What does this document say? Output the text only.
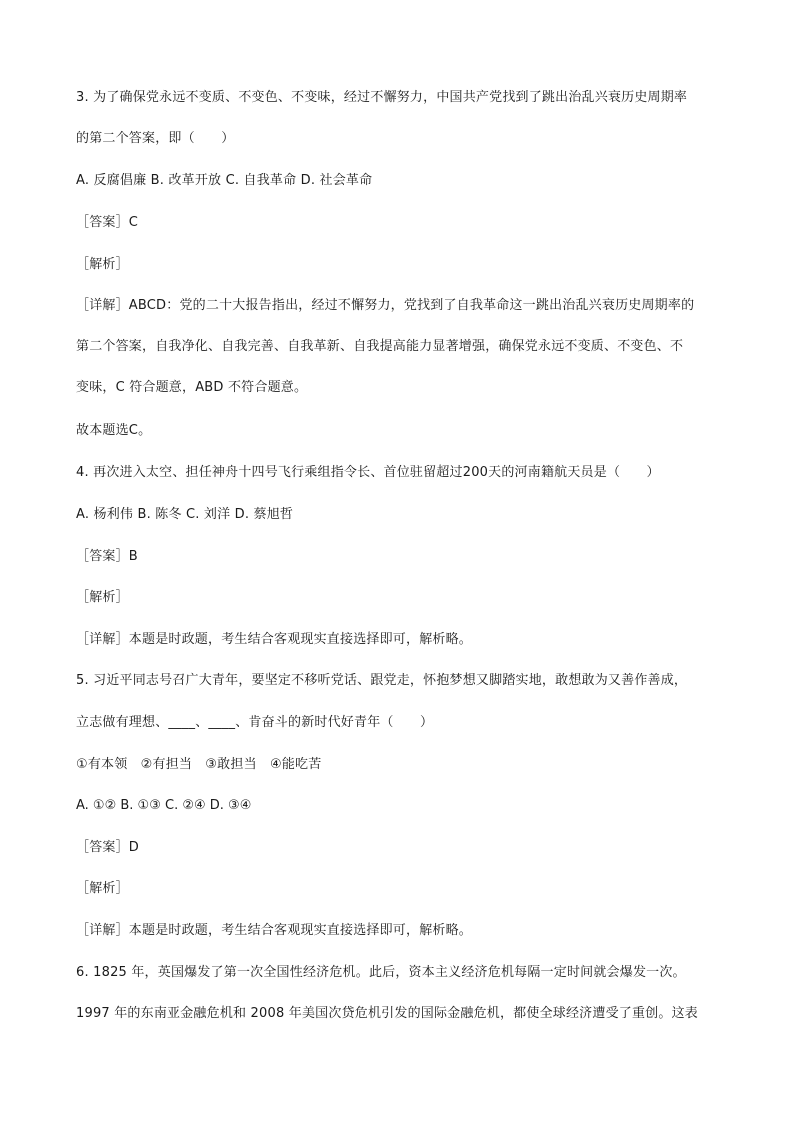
3. 为了确保党永远不变质、不变色、不变味，经过不懈努力，中国共产党找到了跳出治乱兴衰历史周期率
的第二个答案，即（　　）
A. 反腐倡廉 B. 改革开放 C. 自我革命 D. 社会革命
［答案］C
［解析］
［详解］ABCD：党的二十大报告指出，经过不懈努力，党找到了自我革命这一跳出治乱兴衰历史周期率的
第二个答案，自我净化、自我完善、自我革新、自我提高能力显著增强，确保党永远不变质、不变色、不
变味，C 符合题意，ABD 不符合题意。
故本题选C。
4. 再次进入太空、担任神舟十四号飞行乘组指令长、首位驻留超过200天的河南籍航天员是（　　）
A. 杨利伟 B. 陈冬 C. 刘洋 D. 蔡旭哲
［答案］B
［解析］
［详解］本题是时政题，考生结合客观现实直接选择即可，解析略。
5. 习近平同志号召广大青年，要坚定不移听党话、跟党走，怀抱梦想又脚踏实地，敢想敢为又善作善成，
立志做有理想、____、____、肯奋斗的新时代好青年（　　）
①有本领　②有担当　③敢担当　④能吃苦
A. ①② B. ①③ C. ②④ D. ③④
［答案］D
［解析］
［详解］本题是时政题，考生结合客观现实直接选择即可，解析略。
6. 1825 年，英国爆发了第一次全国性经济危机。此后，资本主义经济危机每隔一定时间就会爆发一次。
1997 年的东南亚金融危机和 2008 年美国次贷危机引发的国际金融危机，都使全球经济遭受了重创。这表
